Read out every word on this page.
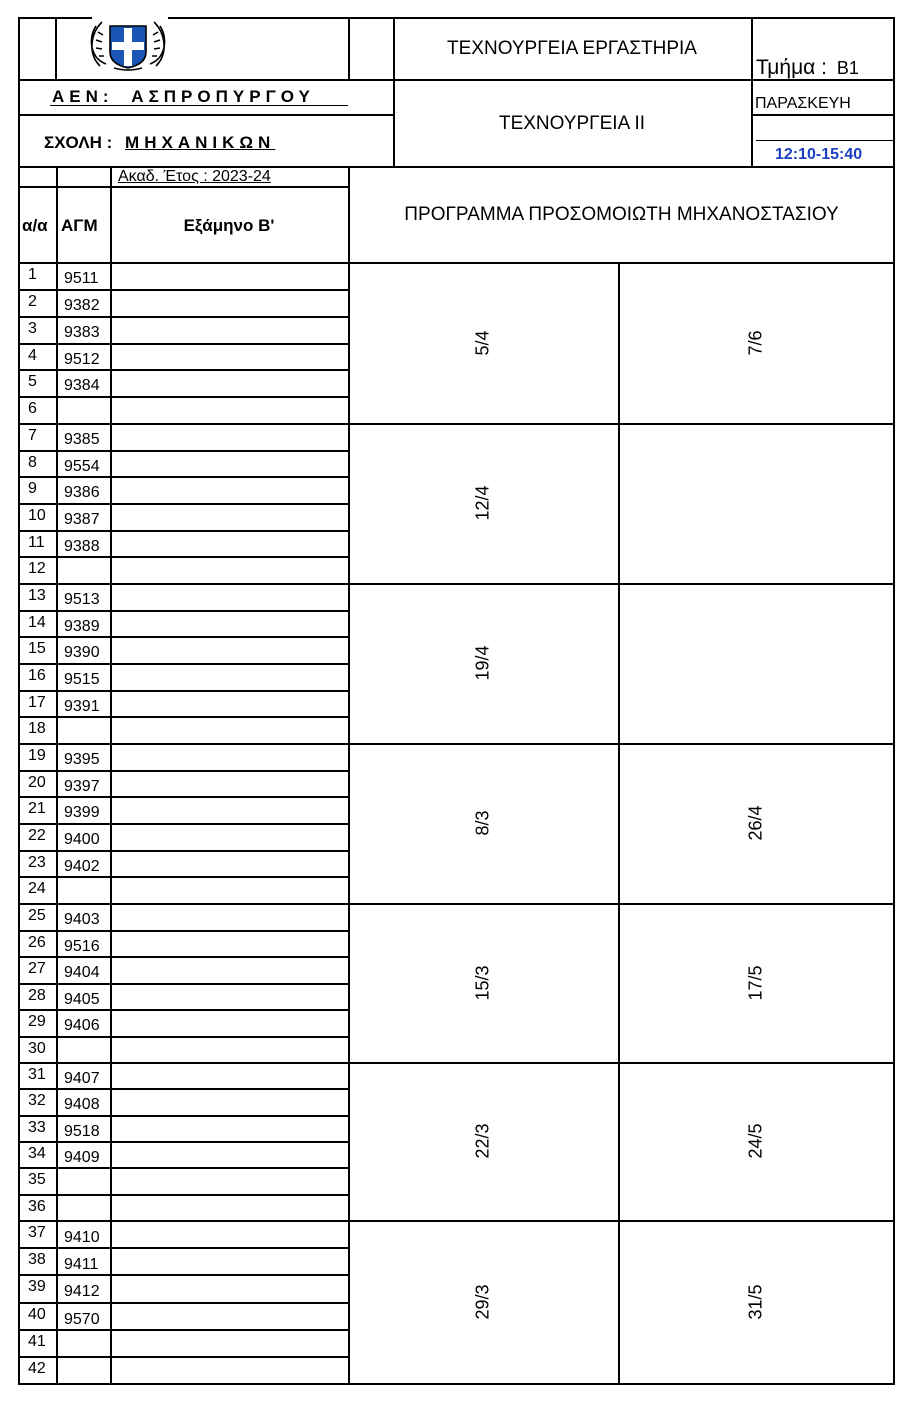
ΤΕΧΝΟΥΡΓΕΙΑ ΕΡΓΑΣΤΗΡΙΑ
Τμήμα : Β1
ΑΕΝ: ΑΣΠΡΟΠΥΡΓΟΥ
ΤΕΧΝΟΥΡΓΕΙΑ ΙΙ
ΠΑΡΑΣΚΕΥΗ
ΣΧΟΛΗ : ΜΗΧΑΝΙΚΩΝ
12:10-15:40
Ακαδ. Έτος : 2023-24
ΠΡΟΓΡΑΜΜΑ ΠΡΟΣΟΜΟΙΩΤΗ ΜΗΧΑΝΟΣΤΑΣΙΟΥ
α/α ΑΓΜ	Εξάμηνο Β'
1 9511
2 9382
3 9383
4 9512
5 9384
6
7 9385
8 9554
9 9386
10 9387
11 9388
12
13 9513
14 9389
15 9390
16 9515
17 9391
18
19 9395
20 9397
21 9399
22 9400
23 9402
24
25 9403
26 9516
27 9404
28 9405
29 9406
30
31 9407
32 9408
33 9518
34 9409
35
36
37 9410
38 9411
39 9412
40 9570
41
42
5/4	7/6
12/4
19/4
8/3	26/4
15/3	17/5
22/3	24/5
29/3	31/5
